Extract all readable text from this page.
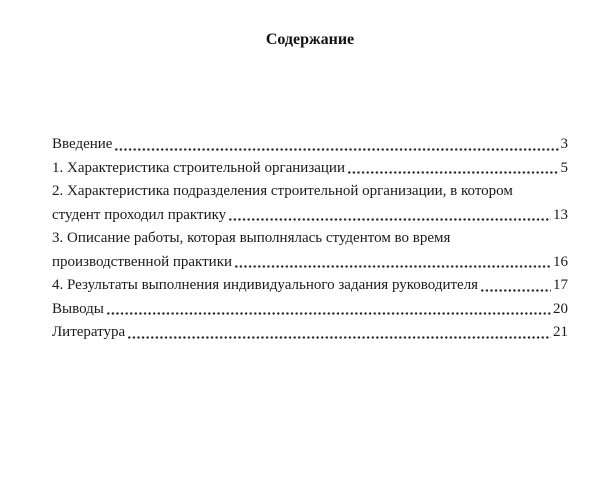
Содержание
Введение	3
1. Характеристика строительной организации	5
2. Характеристика подразделения строительной организации, в котором
студент проходил практику	13
3. Описание работы, которая выполнялась студентом во время
производственной практики	16
4. Результаты выполнения индивидуального задания руководителя	17
Выводы	20
Литература	21
